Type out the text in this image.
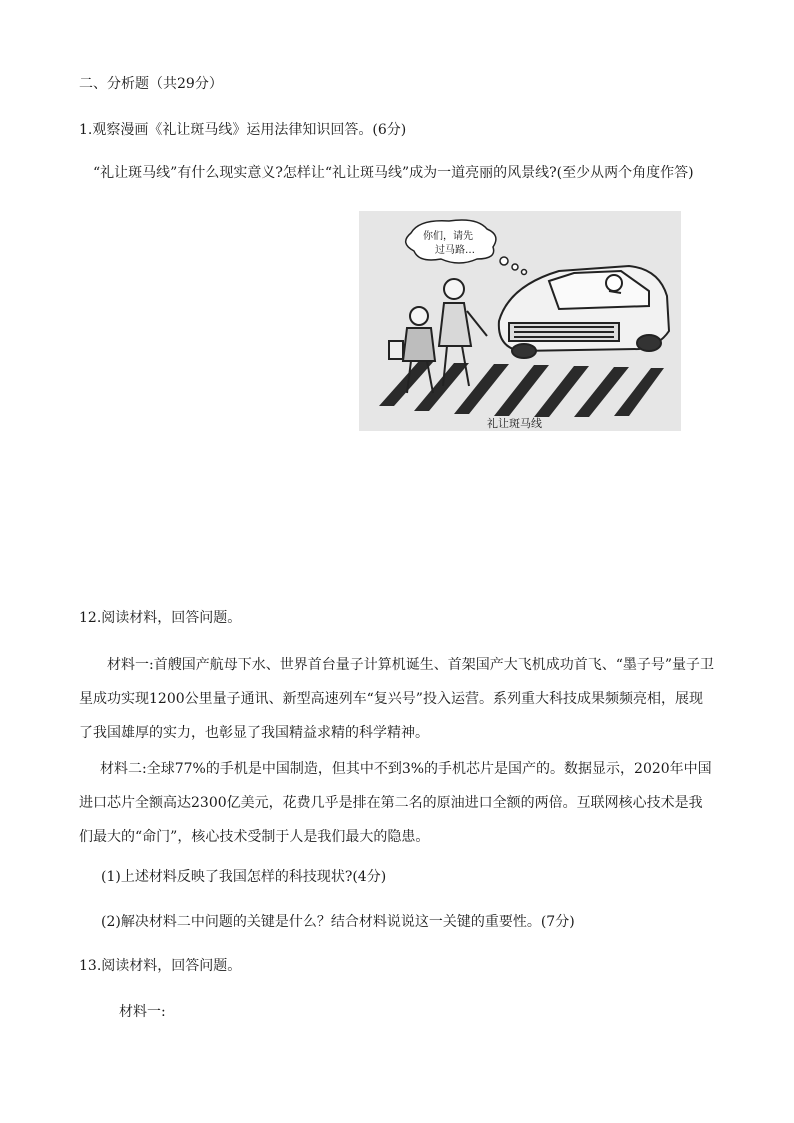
二、分析题（共29分）
1.观察漫画《礼让斑马线》运用法律知识回答。(6分)
“礼让斑马线”有什么现实意义?怎样让“礼让斑马线”成为一道亮丽的风景线?(至少从两个角度作答)
你们，请先
过马路…
礼让斑马线
12.阅读材料，回答问题。
材料一:首艘国产航母下水、世界首台量子计算机诞生、首架国产大飞机成功首飞、“墨子号”量子卫星成功实现1200公里量子通讯、新型高速列车“复兴号”投入运营。系列重大科技成果频频亮相，展现了我国雄厚的实力，也彰显了我国精益求精的科学精神。
材料二:全球77%的手机是中国制造，但其中不到3%的手机芯片是国产的。数据显示，2020年中国进口芯片全额高达2300亿美元，花费几乎是排在第二名的原油进口全额的两倍。互联网核心技术是我们最大的“命门”，核心技术受制于人是我们最大的隐患。
(1)上述材料反映了我国怎样的科技现状?(4分)
(2)解决材料二中问题的关键是什么？结合材料说说这一关键的重要性。(7分)
13.阅读材料，回答问题。
材料一:
